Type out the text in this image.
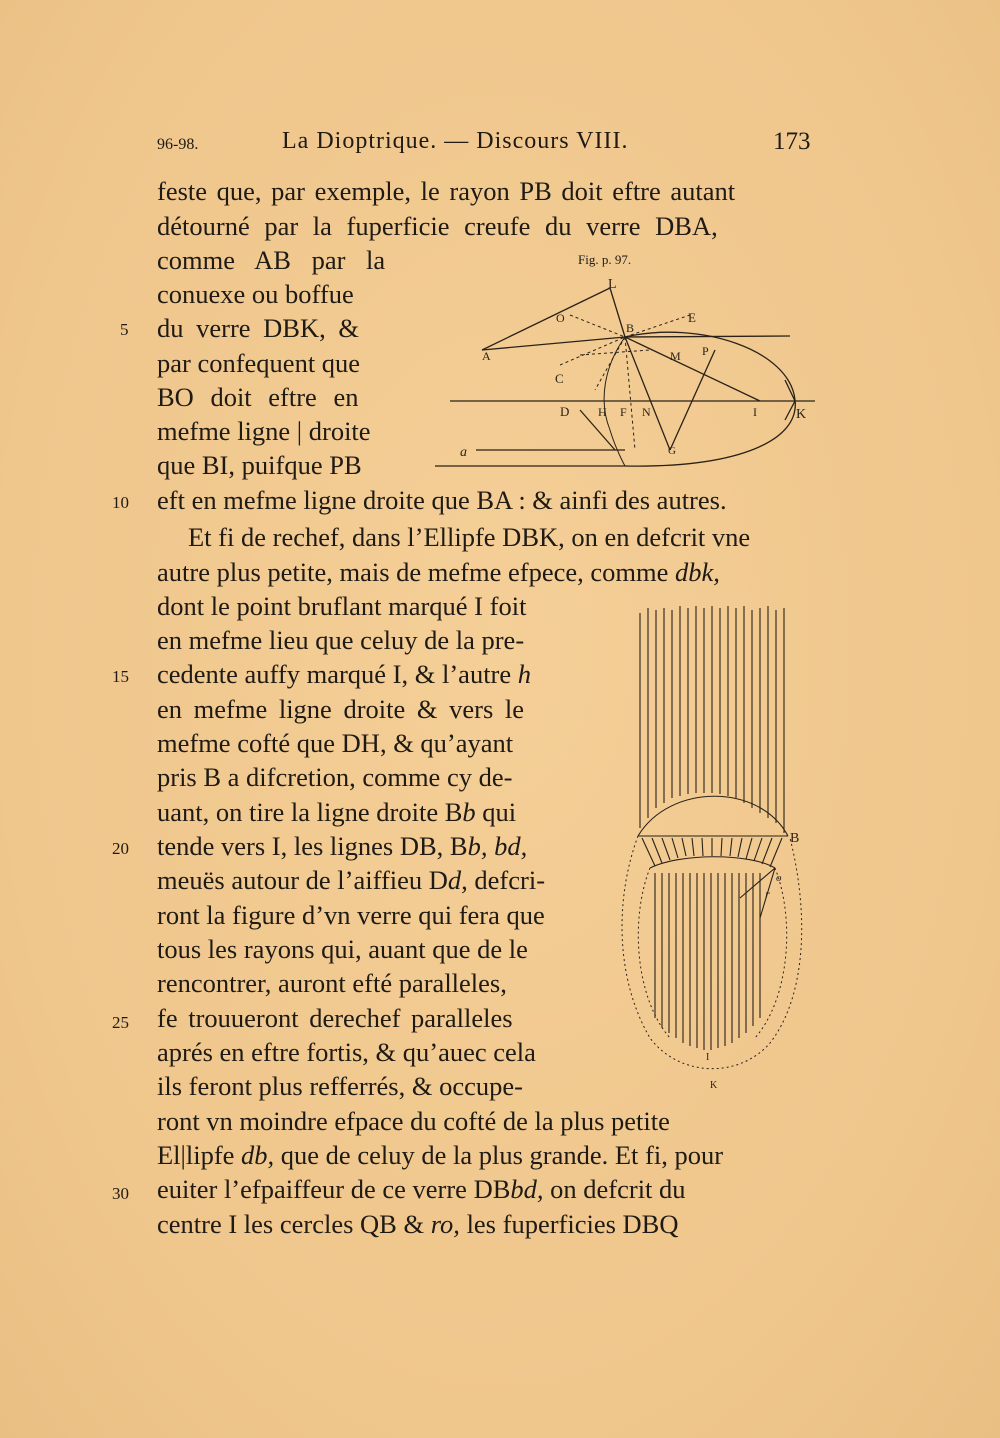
96-98.	La Dioptrique. — Discours VIII.	173
feste que, par exemple, le rayon PB doit eftre autant
détourné par la fuperficie creufe du verre DBA,
comme AB par la
conuexe ou boffue
du verre DBK, &
par confequent que
BO doit eftre en
mefme ligne | droite
que BI, puifque PB
eft en mefme ligne droite que BA : & ainfi des autres.
Et fi de rechef, dans l’Ellipfe DBK, on en defcrit vne
autre plus petite, mais de mefme efpece, comme dbk,
dont le point bruflant marqué I foit
en mefme lieu que celuy de la pre-
cedente auffy marqué I, & l’autre h
en mefme ligne droite & vers le
mefme cofté que DH, & qu’ayant
pris B a difcretion, comme cy de-
uant, on tire la ligne droite Bb qui
tende vers I, les lignes DB, Bb, bd,
meuës autour de l’aiffieu Dd, defcri-
ront la figure d’vn verre qui fera que
tous les rayons qui, auant que de le
rencontrer, auront efté paralleles,
fe trouueront derechef paralleles
aprés en eftre fortis, & qu’auec cela
ils feront plus refferrés, & occupe-
ront vn moindre efpace du cofté de la plus petite
El|lipfe db, que de celuy de la plus grande. Et fi, pour
euiter l’efpaiffeur de ce verre DBbd, on defcrit du
centre I les cercles QB & ro, les fuperficies DBQ
5
10
15
20
25
30
Fig. p. 97.
L
O
B
E
A	M P
C
D H F N	I	K
a	G
B
o
r
I
K
